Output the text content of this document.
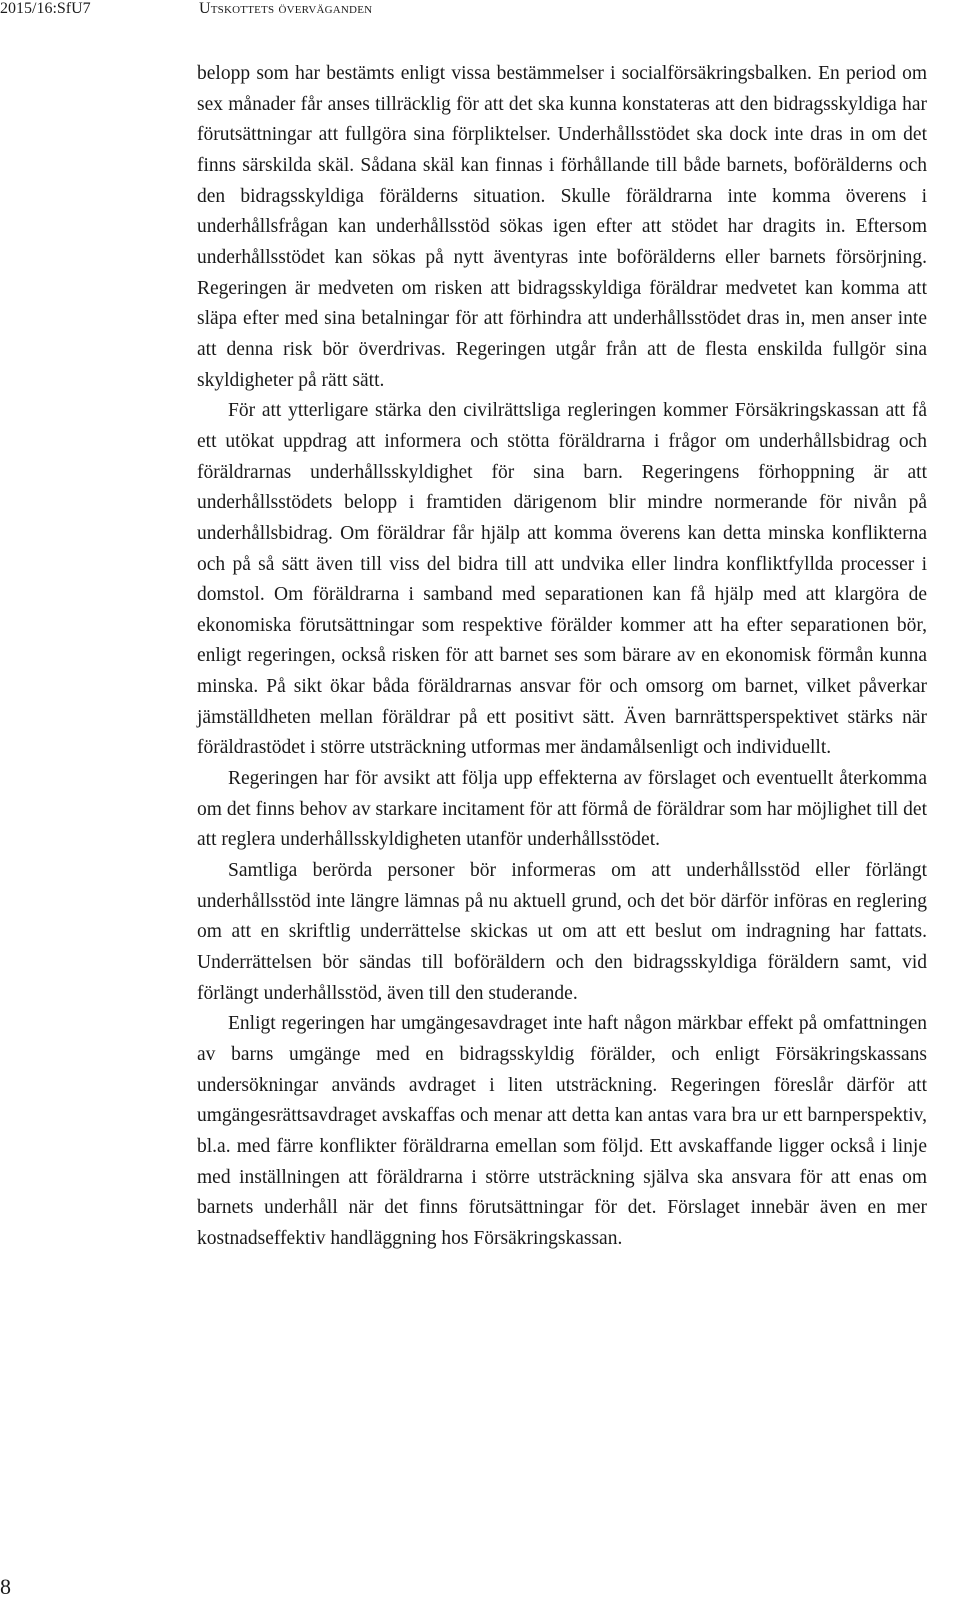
2015/16:SfU7	Utskottets överväganden

belopp som har bestämts enligt vissa bestämmelser i socialförsäkringsbalken. En period om sex månader får anses tillräcklig för att det ska kunna konstateras att den bidragsskyldiga har förutsättningar att fullgöra sina förpliktelser. Underhållsstödet ska dock inte dras in om det finns särskilda skäl. Sådana skäl kan finnas i förhållande till både barnets, boförälderns och den bidragsskyldiga förälderns situation. Skulle föräldrarna inte komma överens i underhållsfrågan kan underhållsstöd sökas igen efter att stödet har dragits in. Eftersom underhållsstödet kan sökas på nytt äventyras inte boförälderns eller barnets försörjning. Regeringen är medveten om risken att bidragsskyldiga föräldrar medvetet kan komma att släpa efter med sina betalningar för att förhindra att underhållsstödet dras in, men anser inte att denna risk bör överdrivas. Regeringen utgår från att de flesta enskilda fullgör sina skyldigheter på rätt sätt.

För att ytterligare stärka den civilrättsliga regleringen kommer Försäkringskassan att få ett utökat uppdrag att informera och stötta föräldrarna i frågor om underhållsbidrag och föräldrarnas underhållsskyldighet för sina barn. Regeringens förhoppning är att underhållsstödets belopp i framtiden därigenom blir mindre normerande för nivån på underhållsbidrag. Om föräldrar får hjälp att komma överens kan detta minska konflikterna och på så sätt även till viss del bidra till att undvika eller lindra konfliktfyllda processer i domstol. Om föräldrarna i samband med separationen kan få hjälp med att klargöra de ekonomiska förutsättningar som respektive förälder kommer att ha efter separationen bör, enligt regeringen, också risken för att barnet ses som bärare av en ekonomisk förmån kunna minska. På sikt ökar båda föräldrarnas ansvar för och omsorg om barnet, vilket påverkar jämställdheten mellan föräldrar på ett positivt sätt. Även barnrättsperspektivet stärks när föräldrastödet i större utsträckning utformas mer ändamålsenligt och individuellt.

Regeringen har för avsikt att följa upp effekterna av förslaget och eventuellt återkomma om det finns behov av starkare incitament för att förmå de föräldrar som har möjlighet till det att reglera underhållsskyldigheten utanför underhållsstödet.

Samtliga berörda personer bör informeras om att underhållsstöd eller förlängt underhållsstöd inte längre lämnas på nu aktuell grund, och det bör därför införas en reglering om att en skriftlig underrättelse skickas ut om att ett beslut om indragning har fattats. Underrättelsen bör sändas till boföräldern och den bidragsskyldiga föräldern samt, vid förlängt underhållsstöd, även till den studerande.

Enligt regeringen har umgängesavdraget inte haft någon märkbar effekt på omfattningen av barns umgänge med en bidragsskyldig förälder, och enligt Försäkringskassans undersökningar används avdraget i liten utsträckning. Regeringen föreslår därför att umgängesrättsavdraget avskaffas och menar att detta kan antas vara bra ur ett barnperspektiv, bl.a. med färre konflikter föräldrarna emellan som följd. Ett avskaffande ligger också i linje med inställningen att föräldrarna i större utsträckning själva ska ansvara för att enas om barnets underhåll när det finns förutsättningar för det. Förslaget innebär även en mer kostnadseffektiv handläggning hos Försäkringskassan.

8
